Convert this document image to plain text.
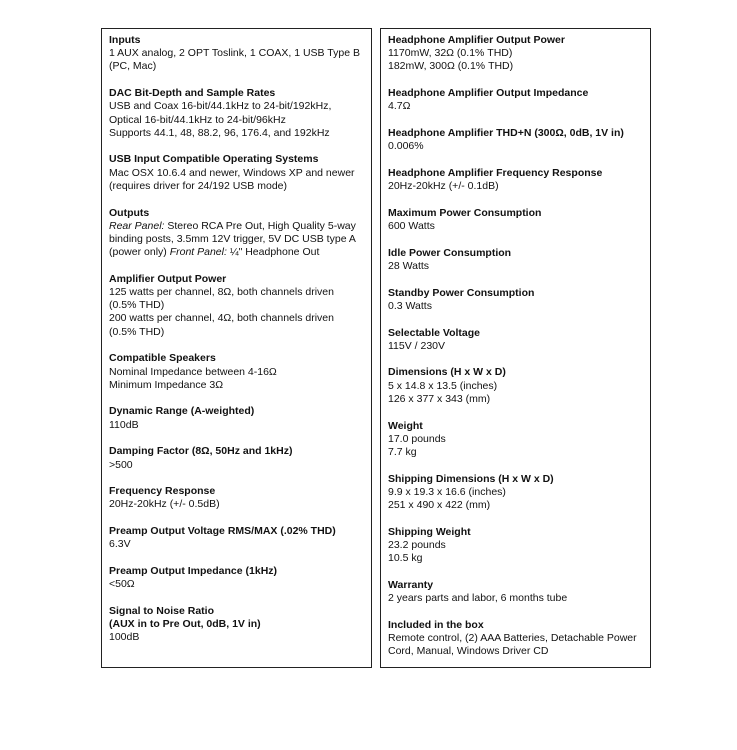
Inputs
1 AUX analog, 2 OPT Toslink, 1 COAX, 1 USB Type B (PC, Mac)
DAC Bit-Depth and Sample Rates
USB and Coax 16-bit/44.1kHz to 24-bit/192kHz, Optical 16-bit/44.1kHz to 24-bit/96kHz
Supports 44.1, 48, 88.2, 96, 176.4, and 192kHz
USB Input Compatible Operating Systems
Mac OSX 10.6.4 and newer, Windows XP and newer (requires driver for 24/192 USB mode)
Outputs
Rear Panel: Stereo RCA Pre Out, High Quality 5-way binding posts, 3.5mm 12V trigger, 5V DC USB type A (power only) Front Panel: ¼" Headphone Out
Amplifier Output Power
125 watts per channel, 8Ω, both channels driven (0.5% THD)
200 watts per channel, 4Ω, both channels driven (0.5% THD)
Compatible Speakers
Nominal Impedance between 4-16Ω
Minimum Impedance 3Ω
Dynamic Range (A-weighted)
110dB
Damping Factor (8Ω, 50Hz and 1kHz)
>500
Frequency Response
20Hz-20kHz (+/- 0.5dB)
Preamp Output Voltage RMS/MAX (.02% THD)
6.3V
Preamp Output Impedance (1kHz)
<50Ω
Signal to Noise Ratio
(AUX in to Pre Out, 0dB, 1V in)
100dB
Headphone Amplifier Output Power
1170mW, 32Ω (0.1% THD)
182mW, 300Ω (0.1% THD)
Headphone Amplifier Output Impedance
4.7Ω
Headphone Amplifier THD+N (300Ω, 0dB, 1V in)
0.006%
Headphone Amplifier Frequency Response
20Hz-20kHz (+/- 0.1dB)
Maximum Power Consumption
600 Watts
Idle Power Consumption
28 Watts
Standby Power Consumption
0.3 Watts
Selectable Voltage
115V / 230V
Dimensions (H x W x D)
5 x 14.8 x 13.5 (inches)
126 x 377 x 343 (mm)
Weight
17.0 pounds
7.7 kg
Shipping Dimensions (H x W x D)
9.9 x 19.3 x 16.6 (inches)
251 x 490 x 422 (mm)
Shipping Weight
23.2 pounds
10.5 kg
Warranty
2 years parts and labor, 6 months tube
Included in the box
Remote control, (2) AAA Batteries, Detachable Power Cord, Manual, Windows Driver CD
